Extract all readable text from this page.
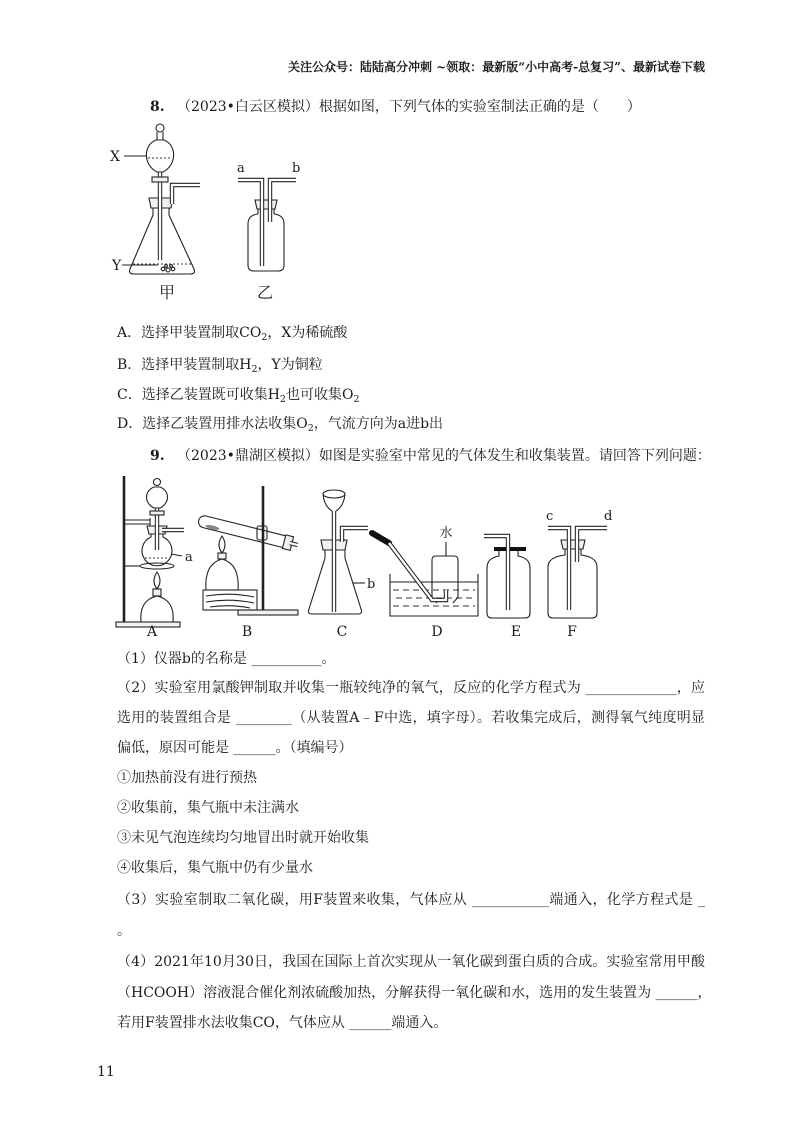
关注公众号：陆陆高分冲刺 ~领取：最新版“小中高考-总复习”、最新试卷下载
8. （2023•白云区模拟）根据如图，下列气体的实验室制法正确的是（　　）
X
Y
甲
a	b
乙
A．选择甲装置制取$CO_2$，X为稀硫酸
B．选择甲装置制取$H_2$，Y为铜粒
C．选择乙装置既可收集$H_2$也可收集$O_2$
D．选择乙装置用排水法收集$O_2$，气流方向为a进b出
9. （2023•鼎湖区模拟）如图是实验室中常见的气体发生和收集装置。请回答下列问题：
a
A	B
b
C
水
D	E
c	d
F
（1）仪器b的名称是 __________。
（2）实验室用氯酸钾制取并收集一瓶较纯净的氧气，反应的化学方程式为 _____________，应
选用的装置组合是 ________（从装置A﹣F中选，填字母）。若收集完成后，测得氧气纯度明显
偏低，原因可能是 ______。（填编号）
①加热前没有进行预热
②收集前，集气瓶中未注满水
③未见气泡连续均匀地冒出时就开始收集
④收集后，集气瓶中仍有少量水
（3）实验室制取二氧化碳，用F装置来收集，气体应从 ___________端通入，化学方程式是 _
。
（4）2021年10月30日，我国在国际上首次实现从一氧化碳到蛋白质的合成。实验室常用甲酸
（HCOOH）溶液混合催化剂浓硫酸加热，分解获得一氧化碳和水，选用的发生装置为 ______，
若用F装置排水法收集CO，气体应从 ______端通入。
11
